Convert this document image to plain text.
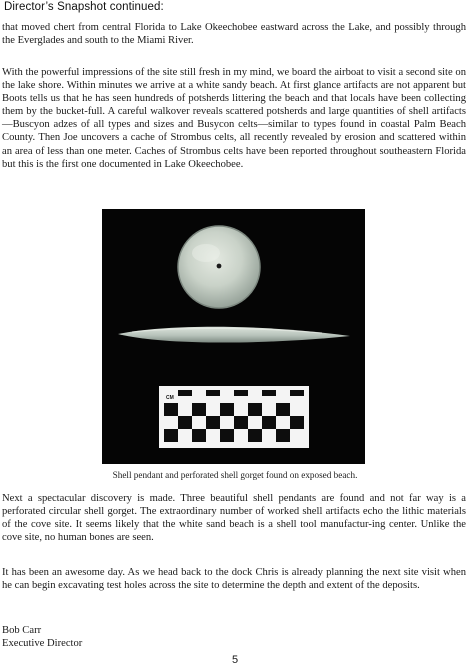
Director’s Snapshot continued:

that moved chert from central Florida to Lake Okeechobee eastward across the Lake, and possibly through the Everglades and south to the Miami River.

With the powerful impressions of the site still fresh in my mind, we board the airboat to visit a second site on the lake shore. Within minutes we arrive at a white sandy beach. At first glance artifacts are not apparent but Boots tells us that he has seen hundreds of potsherds littering the beach and that locals have been collecting them by the bucket-full. A careful walkover reveals scattered potsherds and large quantities of shell artifacts—Buscyon adzes of all types and sizes and Busycon celts—similar to types found in coastal Palm Beach County. Then Joe uncovers a cache of Strombus celts, all recently revealed by erosion and scattered within an area of less than one meter. Caches of Strombus celts have been reported throughout southeastern Florida but this is the first one documented in Lake Okeechobee.

CM
Shell pendant and perforated shell gorget found on exposed beach.

Next a spectacular discovery is made. Three beautiful shell pendants are found and not far way is a perforated circular shell gorget. The extraordinary number of worked shell artifacts echo the lithic materials of the cove site. It seems likely that the white sand beach is a shell tool manufactur-ing center. Unlike the cove site, no human bones are seen.

It has been an awesome day. As we head back to the dock Chris is already planning the next site visit when he can begin excavating test holes across the site to determine the depth and extent of the deposits.

Bob Carr
Executive Director
5
